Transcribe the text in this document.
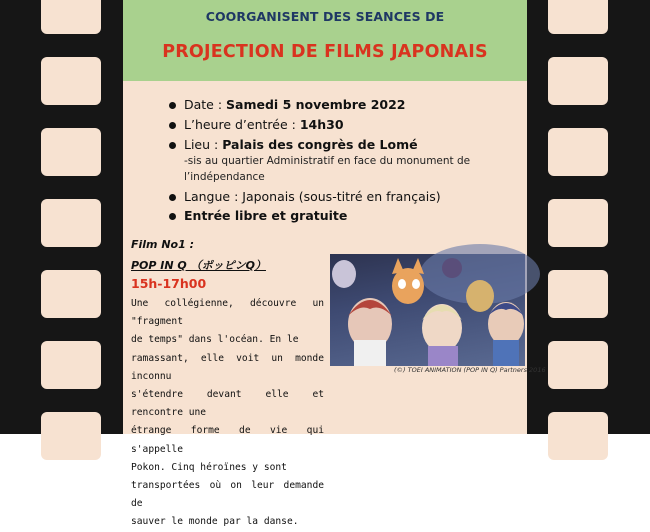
COORGANISENT DES SEANCES DE
PROJECTION DE FILMS JAPONAIS
Date : Samedi 5 novembre 2022
L’heure d’entrée : 14h30
Lieu : Palais des congrès de Lomé
-sis au quartier Administratif en face du monument de
l’indépendance
Langue : Japonais (sous-titré en français)
Entrée libre et gratuite
Film No1 :
POP IN Q （ポッピンQ）
15h-17h00
Une collégienne, découvre un "fragment
de temps" dans l'océan. En le
ramassant, elle voit un monde inconnu
s'étendre devant elle et rencontre une
étrange forme de vie qui s'appelle
Pokon. Cinq héroïnes y sont
transportées où on leur demande de
sauver le monde par la danse.
(©) TOEI ANIMATION (POP IN Q) Partners 2016
